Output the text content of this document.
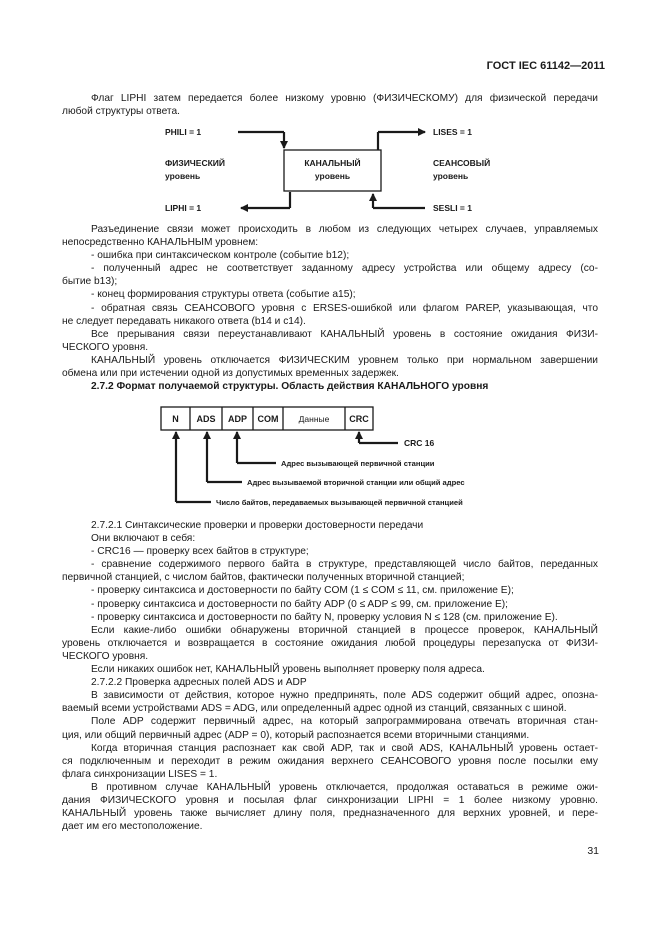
ГОСТ IEC 61142—2011
Флаг LIPHI затем передается более низкому уровню (ФИЗИЧЕСКОМУ) для физической передачи
любой структуры ответа.
PHILI = 1	LISES = 1
LIPHI = 1	SESLI = 1
ФИЗИЧЕСКИЙ
уровень
СЕАНСОВЫЙ
уровень
КАНАЛЬНЫЙ
уровень
Разъединение связи может происходить в любом из следующих четырех случаев, управляемых
непосредственно КАНАЛЬНЫМ уровнем:
- ошибка при синтаксическом контроле (событие b12);
- полученный адрес не соответствует заданному адресу устройства или общему адресу (со-
бытие b13);
- конец формирования структуры ответа (событие a15);
- обратная связь СЕАНСОВОГО уровня с ERSES-ошибкой или флагом PAREP, указывающая, что
не следует передавать никакого ответа (b14 и c14).
Все прерывания связи переустанавливают КАНАЛЬНЫЙ уровень в состояние ожидания ФИЗИ-
ЧЕСКОГО уровня.
КАНАЛЬНЫЙ уровень отключается ФИЗИЧЕСКИМ уровнем только при нормальном завершении
обмена или при истечении одной из допустимых временных задержек.
2.7.2 Формат получаемой структуры. Область действия КАНАЛЬНОГО уровня
N ADS ADP COM Данные CRC
CRC 16
Адрес вызывающей первичной станции
Адрес вызываемой вторичной станции или общий адрес
Число байтов, передаваемых вызывающей первичной станцией
2.7.2.1 Синтаксические проверки и проверки достоверности передачи
Они включают в себя:
- CRC16 — проверку всех байтов в структуре;
- сравнение содержимого первого байта в структуре, представляющей число байтов, переданных
первичной станцией, с числом байтов, фактически полученных вторичной станцией;
- проверку синтаксиса и достоверности по байту COM (1 ≤ COM ≤ 11, см. приложение E);
- проверку синтаксиса и достоверности по байту ADP (0 ≤ ADP ≤ 99, см. приложение E);
- проверку синтаксиса и достоверности по байту N, проверку условия N ≤ 128 (см. приложение E).
Если какие-либо ошибки обнаружены вторичной станцией в процессе проверок, КАНАЛЬНЫЙ
уровень отключается и возвращается в состояние ожидания любой процедуры перезапуска от ФИЗИ-
ЧЕСКОГО уровня.
Если никаких ошибок нет, КАНАЛЬНЫЙ уровень выполняет проверку поля адреса.
2.7.2.2 Проверка адресных полей ADS и ADP
В зависимости от действия, которое нужно предпринять, поле ADS содержит общий адрес, опозна-
ваемый всеми устройствами ADS = ADG, или определенный адрес одной из станций, связанных с шиной.
Поле ADP содержит первичный адрес, на который запрограммирована отвечать вторичная стан-
ция, или общий первичный адрес (ADP = 0), который распознается всеми вторичными станциями.
Когда вторичная станция распознает как свой ADP, так и свой ADS, КАНАЛЬНЫЙ уровень остает-
ся подключенным и переходит в режим ожидания верхнего СЕАНСОВОГО уровня после посылки ему
флага синхронизации LISES = 1.
В противном случае КАНАЛЬНЫЙ уровень отключается, продолжая оставаться в режиме ожи-
дания ФИЗИЧЕСКОГО уровня и посылая флаг синхронизации LIPHI = 1 более низкому уровню.
КАНАЛЬНЫЙ уровень также вычисляет длину поля, предназначенного для верхних уровней, и пере-
дает им его местоположение.
31
